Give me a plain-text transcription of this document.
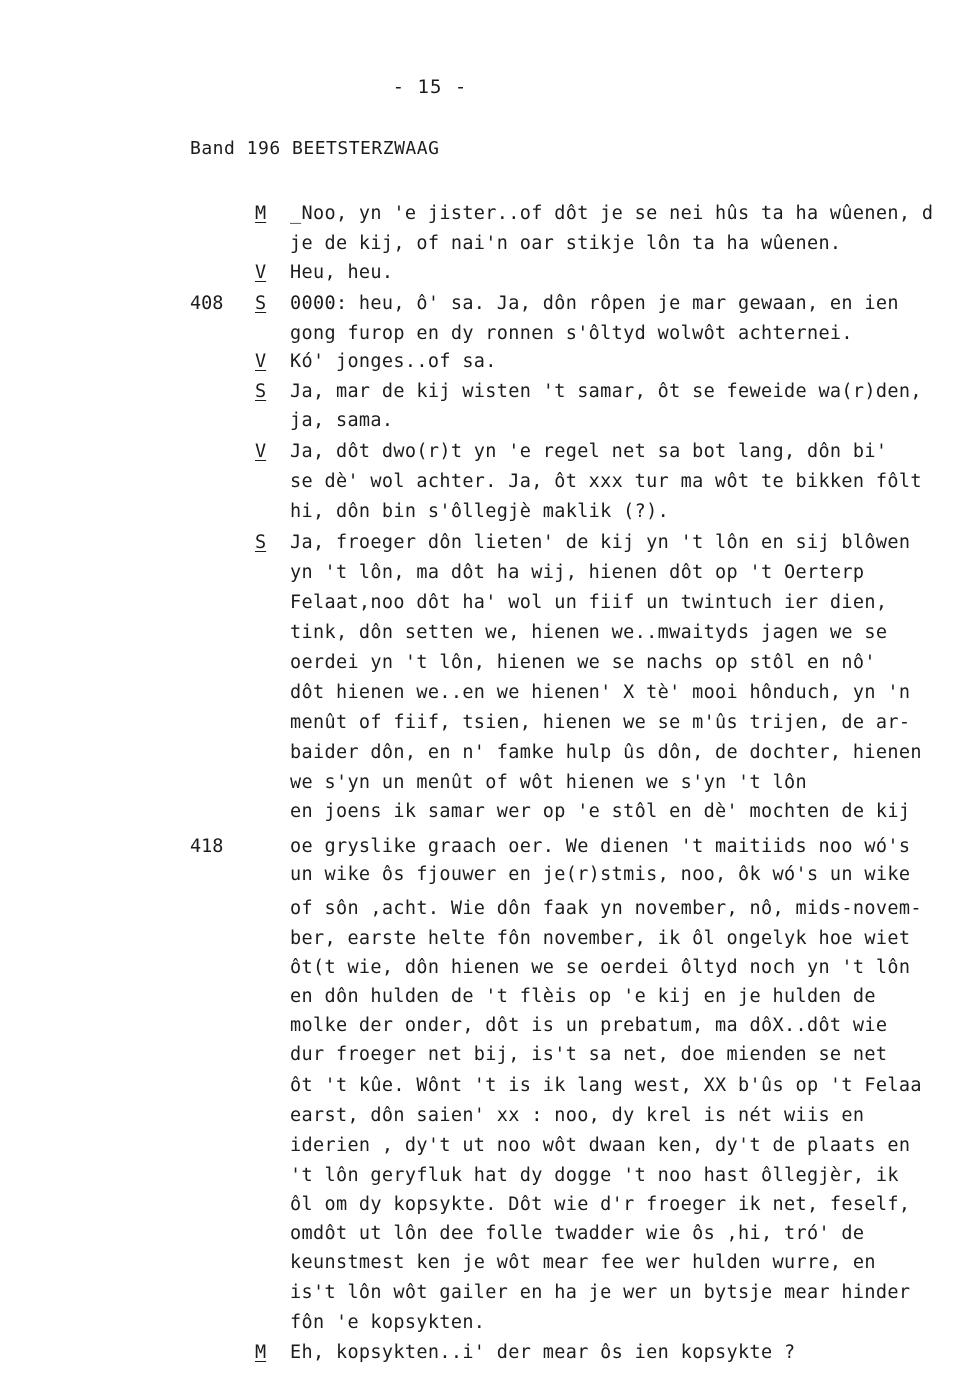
- 15 -
Band 196 BEETSTERZWAAG
M _Noo, yn 'e jister..of dôt je se nei hûs ta ha wûenen, d
je de kij, of nai'n oar stikje lôn ta ha wûenen.
V Heu, heu.
408 S 0000: heu, ô' sa. Ja, dôn rôpen je mar gewaan, en ien
gong furop en dy ronnen s'ôltyd wolwôt achternei.
V Kó' jonges..of sa.
S Ja, mar de kij wisten 't samar, ôt se feweide wa(r)den,
ja, sama.
V Ja, dôt dwo(r)t yn 'e regel net sa bot lang, dôn bi'
se dè' wol achter. Ja, ôt xxx tur ma wôt te bikken fôlt
hi, dôn bin s'ôllegjè maklik (?).
S Ja, froeger dôn lieten' de kij yn 't lôn en sij blôwen
yn 't lôn, ma dôt ha wij, hienen dôt op 't Oerterp
Felaat,noo dôt ha' wol un fiif un twintuch ier dien,
tink, dôn setten we, hienen we..mwaityds jagen we se
oerdei yn 't lôn, hienen we se nachs op stôl en nô'
dôt hienen we..en we hienen' X tè' mooi hônduch, yn 'n
menût of fiif, tsien, hienen we se m'ûs trijen, de ar-
baider dôn, en n' famke hulp ûs dôn, de dochter, hienen
we s'yn un menût of wôt hienen we s'yn 't lôn
en joens ik samar wer op 'e stôl en dè' mochten de kij
418	oe gryslike graach oer. We dienen 't maitiids noo wó's
un wike ôs fjouwer en je(r)stmis, noo, ôk wó's un wike
of sôn ,acht. Wie dôn faak yn november, nô, mids-novem-
ber, earste helte fôn november, ik ôl ongelyk hoe wiet
ôt(t wie, dôn hienen we se oerdei ôltyd noch yn 't lôn
en dôn hulden de 't flèis op 'e kij en je hulden de
molke der onder, dôt is un prebatum, ma dôX..dôt wie
dur froeger net bij, is't sa net, doe mienden se net
ôt 't kûe. Wônt 't is ik lang west, XX b'ûs op 't Felaa
earst, dôn saien' xx : noo, dy krel is nét wiis en
iderien , dy't ut noo wôt dwaan ken, dy't de plaats en
't lôn geryfluk hat dy dogge 't noo hast ôllegjèr, ik
ôl om dy kopsykte. Dôt wie d'r froeger ik net, feself,
omdôt ut lôn dee folle twadder wie ôs ,hi, tró' de
keunstmest ken je wôt mear fee wer hulden wurre, en
is't lôn wôt gailer en ha je wer un bytsje mear hinder
fôn 'e kopsykten.
M Eh, kopsykten..i' der mear ôs ien kopsykte ?
